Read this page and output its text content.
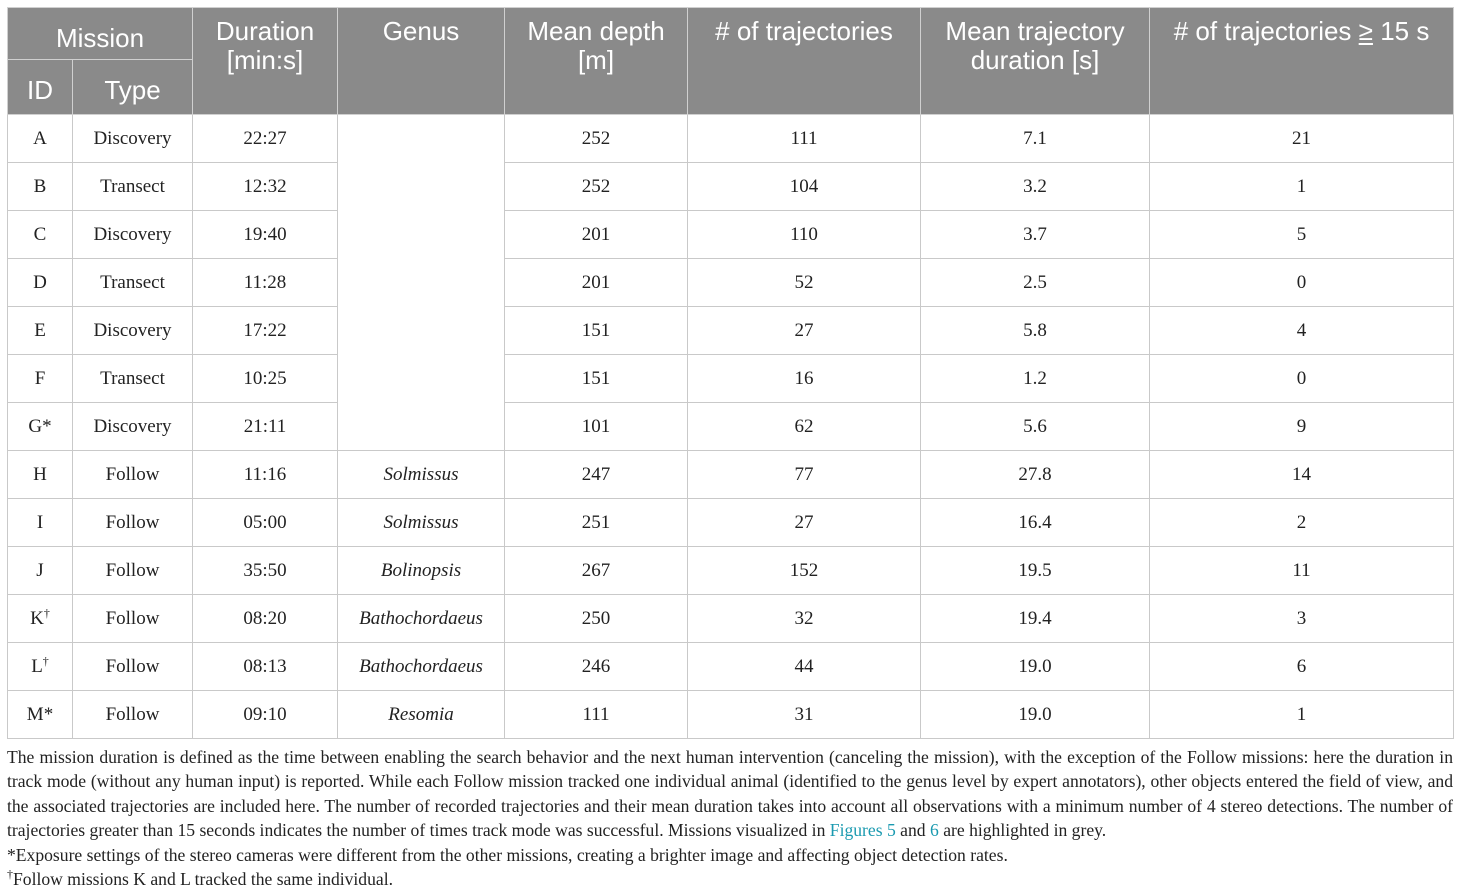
Mission		Duration [min:s]	Genus	Mean depth [m]	# of trajectories	Mean trajectory duration [s]	# of trajectories ≥ 15 s
ID	Type						
A	Discovery	22:27		252	111	7.1	21
B	Transect	12:32		252	104	3.2	1
C	Discovery	19:40		201	110	3.7	5
D	Transect	11:28		201	52	2.5	0
E	Discovery	17:22		151	27	5.8	4
F	Transect	10:25		151	16	1.2	0
G*	Discovery	21:11		101	62	5.6	9
H	Follow	11:16	Solmissus	247	77	27.8	14
I	Follow	05:00	Solmissus	251	27	16.4	2
J	Follow	35:50	Bolinopsis	267	152	19.5	11
K†	Follow	08:20	Bathochordaeus	250	32	19.4	3
L†	Follow	08:13	Bathochordaeus	246	44	19.0	6
M*	Follow	09:10	Resomia	111	31	19.0	1

The mission duration is defined as the time between enabling the search behavior and the next human intervention (canceling the mission), with the exception of the Follow missions: here the duration in track mode (without any human input) is reported. While each Follow mission tracked one individual animal (identified to the genus level by expert annotators), other objects entered the field of view, and the associated trajectories are included here. The number of recorded trajectories and their mean duration takes into account all observations with a minimum number of 4 stereo detections. The number of trajectories greater than 15 seconds indicates the number of times track mode was successful. Missions visualized in Figures 5 and 6 are highlighted in grey.

*Exposure settings of the stereo cameras were different from the other missions, creating a brighter image and affecting object detection rates.

†Follow missions K and L tracked the same individual.
